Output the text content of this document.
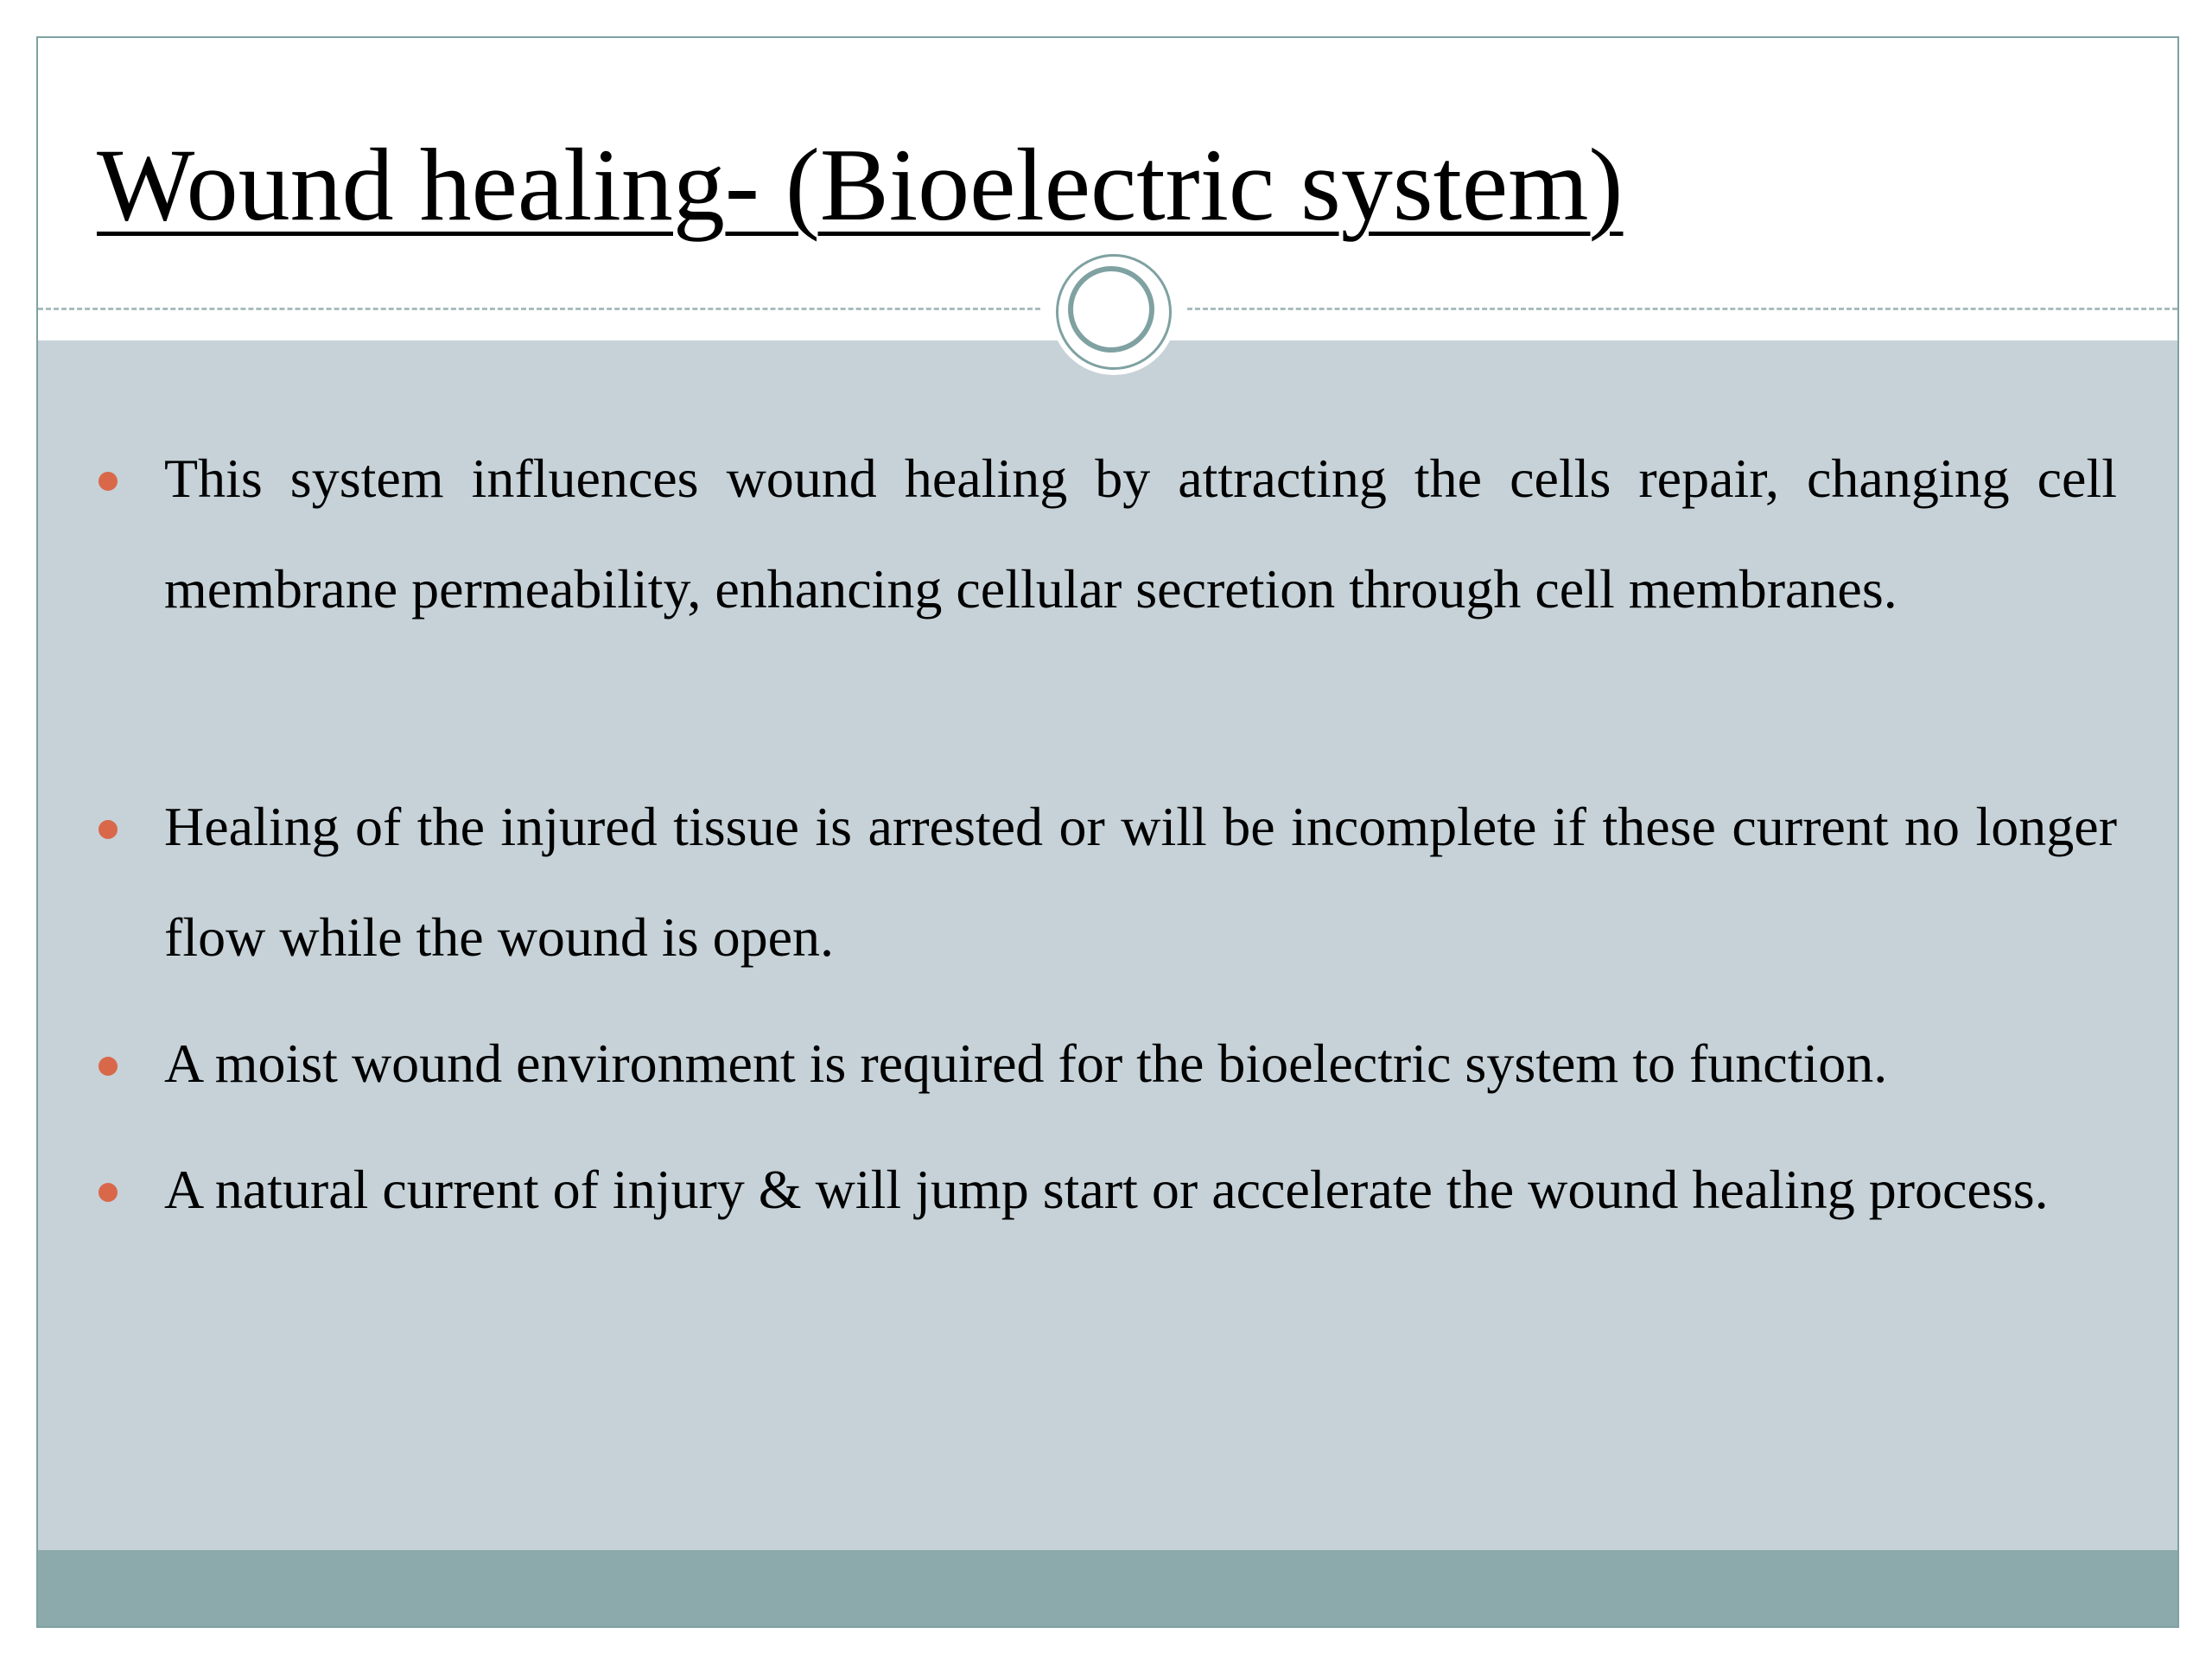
Wound healing- (Bioelectric system)
This system influences wound healing by attracting the cells repair, changing cell membrane permeability, enhancing cellular secretion through cell membranes.
Healing of the injured tissue is arrested or will be incomplete if these current no longer flow while the wound is open.
A moist wound environment is required for the bioelectric system to function.
A natural current of injury & will jump start or accelerate the wound healing process.
